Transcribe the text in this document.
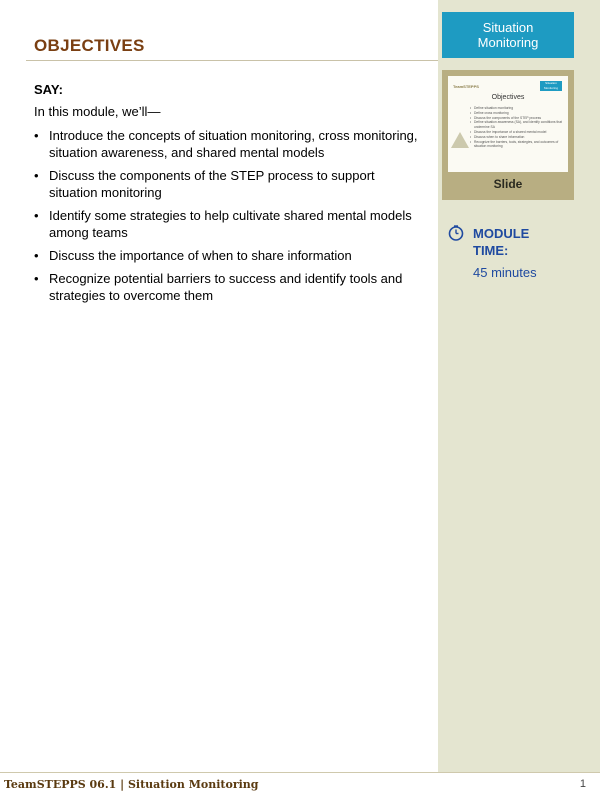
OBJECTIVES
SAY:
In this module, we’ll—
• Introduce the concepts of situation monitoring, cross monitoring, situation awareness, and shared mental models
• Discuss the components of the STEP process to support situation monitoring
• Identify some strategies to help cultivate shared mental models among teams
• Discuss the importance of when to share information
• Recognize potential barriers to success and identify tools and strategies to overcome them
Situation
Monitoring
TeamSTEPPS
Situation Monitoring
Objectives
• Define situation monitoring
• Define cross monitoring
• Discuss the components of the STEP process
• Define situation awareness (SA), and identify conditions that undermine SA
• Discuss the importance of a shared mental model
• Discuss when to share information
• Recognize the barriers, tools, strategies, and outcomes of situation monitoring
Slide
MODULE TIME:
45 minutes
TeamSTEPPS 06.1 | Situation Monitoring	1
